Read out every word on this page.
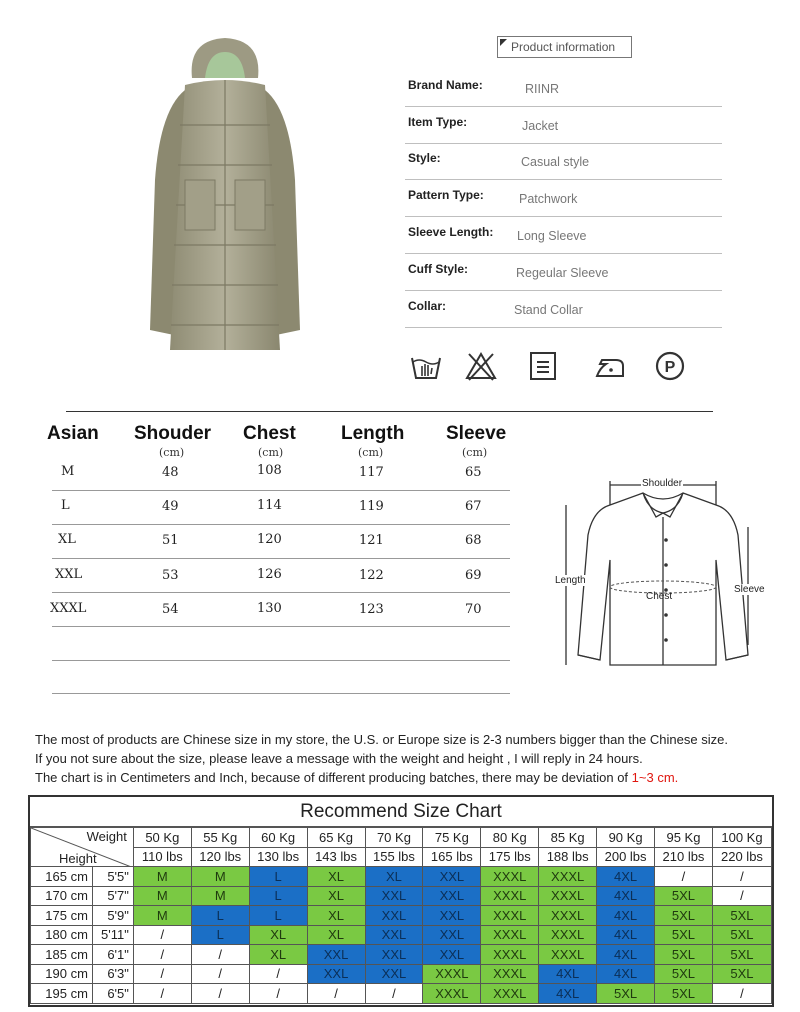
Product information
Brand Name:	RIINR
Item Type:	Jacket
Style:	Casual style
Pattern Type:	Patchwork
Sleeve Length: Long Sleeve
Cuff Style:	Regeular Sleeve
Collar:	Stand Collar
P
Asian Shouder Chest Length Sleeve
(cm)	(cm)	(cm)	(cm)
M	48	108	117	65
L	49	114	119	67
XL	51	120	121	68
XXL	53	126	122	69
XXXL	54	130	123	70
Shoulder
Length
Chest
Sleeve
The most of products are Chinese size in my store, the U.S. or Europe size is 2-3 numbers bigger than the Chinese size.
If you not sure about the size, please leave a message with the weight and height , I will reply in 24 hours.
The chart is in Centimeters and Inch, because of different producing batches, there may be deviation of 1~3 cm.
Recommend Size Chart
Weight
Height		50 Kg	55 Kg	60 Kg	65 Kg	70 Kg	75 Kg	80 Kg	85 Kg	90 Kg	95 Kg	100 Kg
		110 lbs	120 lbs	130 lbs	143 lbs	155 lbs	165 lbs	175 lbs	188 lbs	200 lbs	210 lbs	220 lbs
165 cm	5'5"	M	M	L	XL	XL	XXL	XXXL	XXXL	4XL	/	/
170 cm	5'7"	M	M	L	XL	XXL	XXL	XXXL	XXXL	4XL	5XL	/
175 cm	5'9"	M	L	L	XL	XXL	XXL	XXXL	XXXL	4XL	5XL	5XL
180 cm	5'11"	/	L	XL	XL	XXL	XXL	XXXL	XXXL	4XL	5XL	5XL
185 cm	6'1"	/	/	XL	XXL	XXL	XXL	XXXL	XXXL	4XL	5XL	5XL
190 cm	6'3"	/	/	/	XXL	XXL	XXXL	XXXL	4XL	4XL	5XL	5XL
195 cm	6'5"	/	/	/	/	/	XXXL	XXXL	4XL	5XL	5XL	/
